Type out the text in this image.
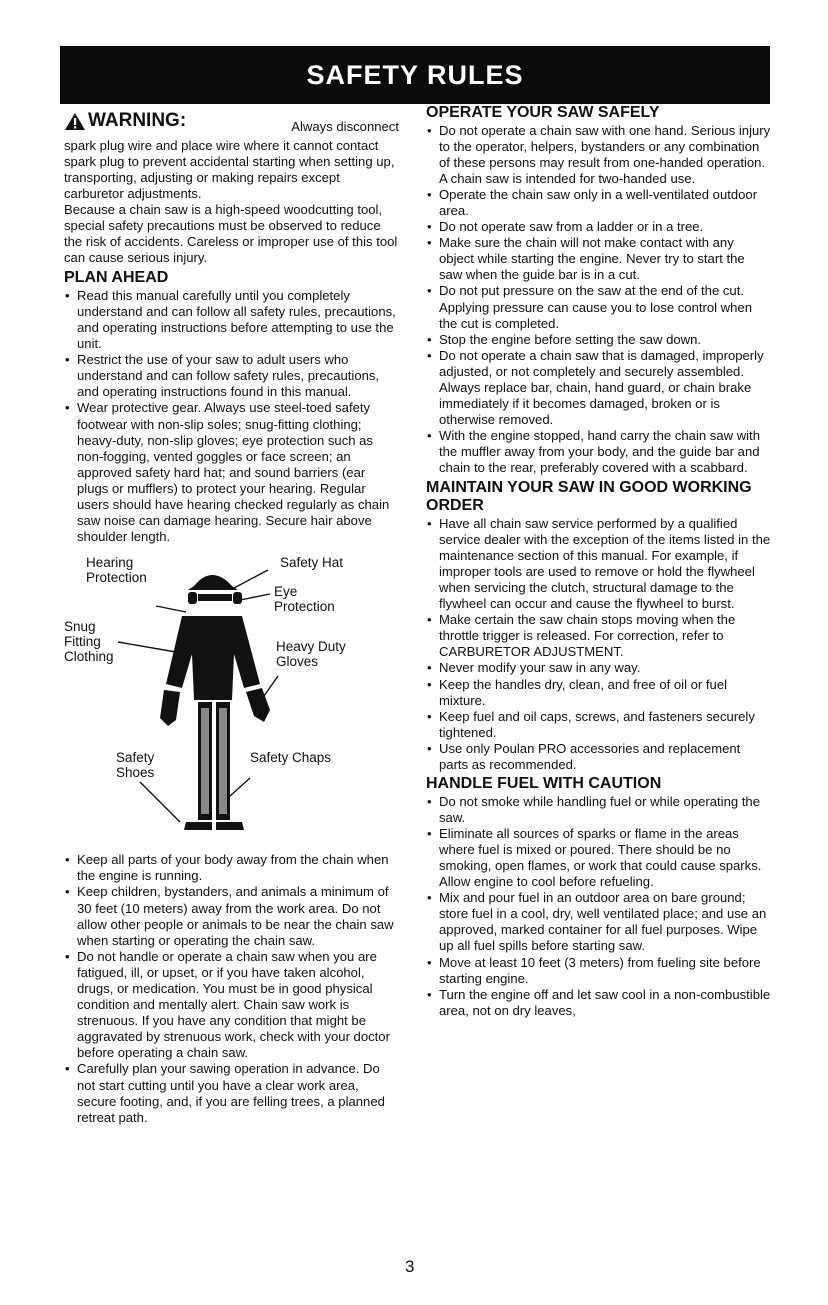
SAFETY RULES
WARNING:	Always disconnect

spark plug wire and place wire where it cannot contact spark plug to prevent accidental starting when setting up, transporting, adjusting or making repairs except carburetor adjustments.

Because a chain saw is a high-speed woodcutting tool, special safety precautions must be observed to reduce the risk of accidents. Careless or improper use of this tool can cause serious injury.

PLAN AHEAD
• Read this manual carefully until you completely understand and can follow all safety rules, precautions, and operating instructions before attempting to use the unit.
• Restrict the use of your saw to adult users who understand and can follow safety rules, precautions, and operating instructions found in this manual.
• Wear protective gear. Always use steel-toed safety footwear with non-slip soles; snug-fitting clothing; heavy-duty, non-slip gloves; eye protection such as non-fogging, vented goggles or face screen; an approved safety hard hat; and sound barriers (ear plugs or mufflers) to protect your hearing. Regular users should have hearing checked regularly as chain saw noise can damage hearing. Secure hair above shoulder length.
Hearing
Protection
Safety Hat
Eye
Protection
Snug
Fitting
Clothing
Heavy Duty
Gloves
Safety
Shoes
Safety Chaps
• Keep all parts of your body away from the chain when the engine is running.
• Keep children, bystanders, and animals a minimum of 30 feet (10 meters) away from the work area. Do not allow other people or animals to be near the chain saw when starting or operating the chain saw.
• Do not handle or operate a chain saw when you are fatigued, ill, or upset, or if you have taken alcohol, drugs, or medication. You must be in good physical condition and mentally alert. Chain saw work is strenuous. If you have any condition that might be aggravated by strenuous work, check with your doctor before operating a chain saw.
• Carefully plan your sawing operation in advance. Do not start cutting until you have a clear work area, secure footing, and, if you are felling trees, a planned retreat path.
OPERATE YOUR SAW SAFELY
• Do not operate a chain saw with one hand. Serious injury to the operator, helpers, bystanders or any combination of these persons may result from one-handed operation. A chain saw is intended for two-handed use.
• Operate the chain saw only in a well-ventilated outdoor area.
• Do not operate saw from a ladder or in a tree.
• Make sure the chain will not make contact with any object while starting the engine. Never try to start the saw when the guide bar is in a cut.
• Do not put pressure on the saw at the end of the cut. Applying pressure can cause you to lose control when the cut is completed.
• Stop the engine before setting the saw down.
• Do not operate a chain saw that is damaged, improperly adjusted, or not completely and securely assembled. Always replace bar, chain, hand guard, or chain brake immediately if it becomes damaged, broken or is otherwise removed.
• With the engine stopped, hand carry the chain saw with the muffler away from your body, and the guide bar and chain to the rear, preferably covered with a scabbard.
MAINTAIN YOUR SAW IN GOOD WORKING ORDER
• Have all chain saw service performed by a qualified service dealer with the exception of the items listed in the maintenance section of this manual. For example, if improper tools are used to remove or hold the flywheel when servicing the clutch, structural damage to the flywheel can occur and cause the flywheel to burst.
• Make certain the saw chain stops moving when the throttle trigger is released. For correction, refer to CARBURETOR ADJUSTMENT.
• Never modify your saw in any way.
• Keep the handles dry, clean, and free of oil or fuel mixture.
• Keep fuel and oil caps, screws, and fasteners securely tightened.
• Use only Poulan PRO accessories and replacement parts as recommended.
HANDLE FUEL WITH CAUTION
• Do not smoke while handling fuel or while operating the saw.
• Eliminate all sources of sparks or flame in the areas where fuel is mixed or poured. There should be no smoking, open flames, or work that could cause sparks. Allow engine to cool before refueling.
• Mix and pour fuel in an outdoor area on bare ground; store fuel in a cool, dry, well ventilated place; and use an approved, marked container for all fuel purposes. Wipe up all fuel spills before starting saw.
• Move at least 10 feet (3 meters) from fueling site before starting engine.
• Turn the engine off and let saw cool in a non-combustible area, not on dry leaves,
3
